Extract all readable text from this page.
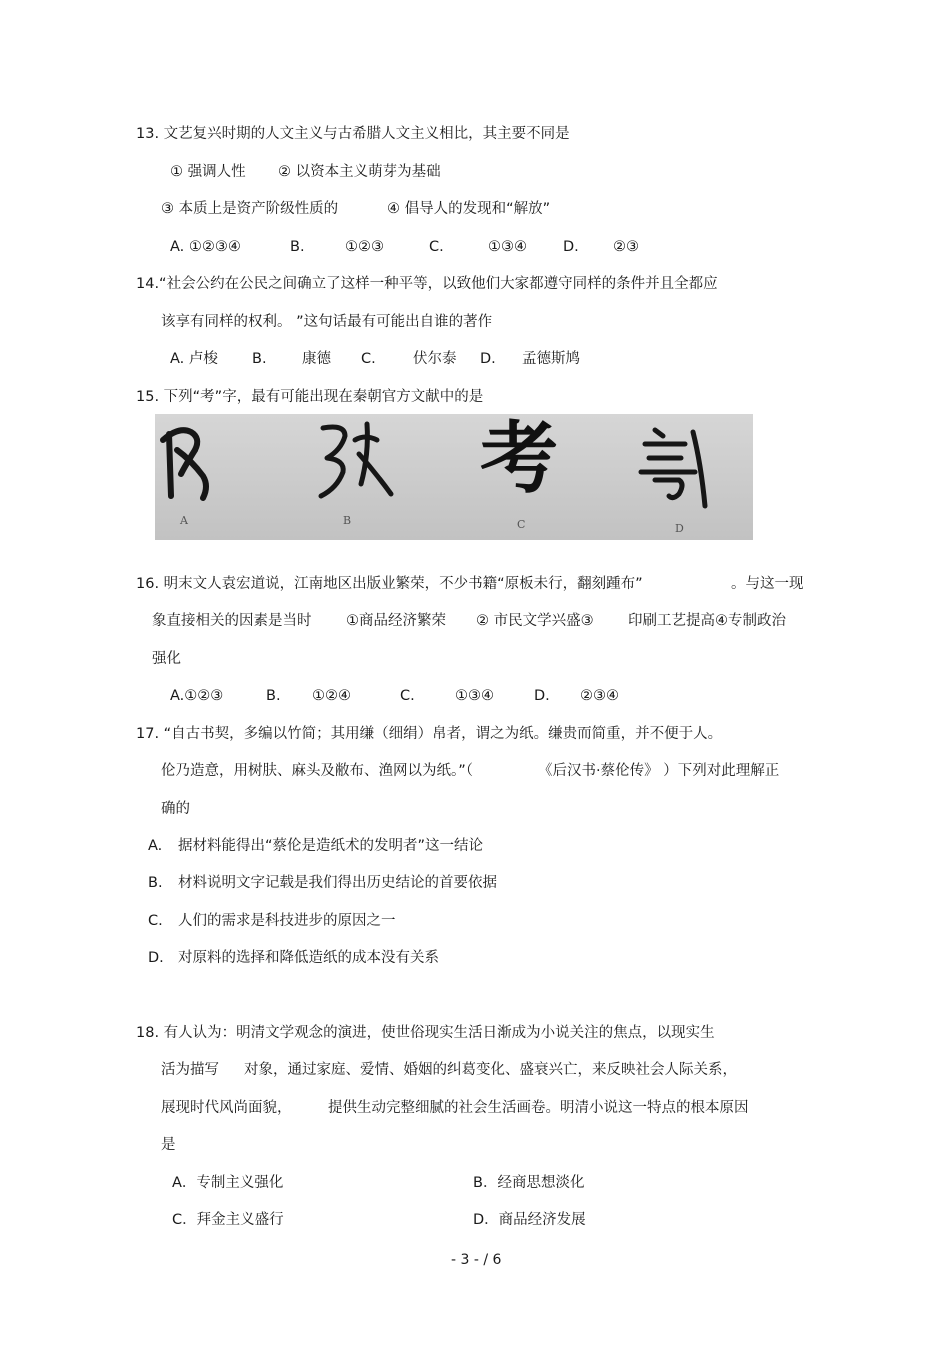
13. 文艺复兴时期的人文主义与古希腊人文主义相比，其主要不同是
① 强调人性 ② 以资本主义萌芽为基础
③ 本质上是资产阶级性质的	④ 倡导人的发现和“解放”
A. ①②③④	B.	①②③	C.	①③④ D. ②③
14.“社会公约在公民之间确立了这样一种平等，以致他们大家都遵守同样的条件并且全都应
该享有同样的权利。 ”这句话最有可能出自谁的著作
A. 卢梭 B. 康德 C.	伏尔泰 D. 孟德斯鸠
15. 下列“考”字，最有可能出现在秦朝官方文献中的是
A	B	C	D
考
16. 明末文人袁宏道说，江南地区出版业繁荣，不少书籍“原板未行，翻刻踵布”	。与这一现
象直接相关的因素是当时 ①商品经济繁荣 ② 市民文学兴盛③ 印刷工艺提高④专制政治
强化
A.①②③	B. ①②④	C.	①③④	D. ②③④
17. “自古书契，多编以竹简；其用缣（细绢）帛者，谓之为纸。缣贵而简重，并不便于人。
伦乃造意，用树肤、麻头及敝布、渔网以为纸。”（	《后汉书·蔡伦传》 ）下列对此理解正
确的
A. 据材料能得出“蔡伦是造纸术的发明者”这一结论
B. 材料说明文字记载是我们得出历史结论的首要依据
C. 人们的需求是科技进步的原因之一
D. 对原料的选择和降低造纸的成本没有关系
18. 有人认为：明清文学观念的演进，使世俗现实生活日渐成为小说关注的焦点，以现实生
活为描写 对象，通过家庭、爱情、婚姻的纠葛变化、盛衰兴亡，来反映社会人际关系，
展现时代风尚面貌，	提供生动完整细腻的社会生活画卷。明清小说这一特点的根本原因
是
A．专制主义强化	B．经商思想淡化
C．拜金主义盛行	D．商品经济发展
- 3 - / 6
